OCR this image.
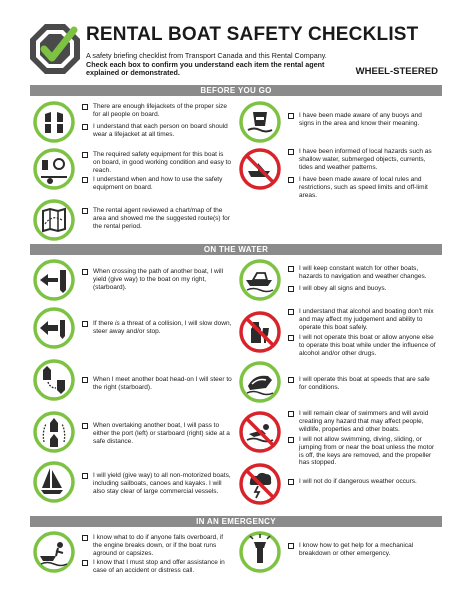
RENTAL BOAT SAFETY CHECKLIST
A safety briefing checklist from Transport Canada and this Rental Company. Check each box to confirm you understand each item the rental agent explained or demonstrated.	WHEEL-STEERED
BEFORE YOU GO
There are enough lifejackets of the proper size for all people on board.
I understand that each person on board should wear a lifejacket at all times.
The required safety equipment for this boat is on board, in good working condition and easy to reach.
I understand when and how to use the safety equipment on board.
The rental agent reviewed a chart/map of the area and showed me the suggested route(s) for the rental period.
I have been made aware of any buoys and signs in the area and know their meaning.
I have been informed of local hazards such as shallow water, submerged objects, currents, tides and weather patterns.
I have been made aware of local rules and restrictions, such as speed limits and off-limit areas.
ON THE WATER
When crossing the path of another boat, I will yield (give way) to the boat on my right, (starboard).
If there is a threat of a collision, I will slow down, steer away and/or stop.
When I meet another boat head-on I will steer to the right (starboard).
When overtaking another boat, I will pass to either the port (left) or starboard (right) side at a safe distance.
I will yield (give way) to all non-motorized boats, including sailboats, canoes and kayaks. I will also stay clear of large commercial vessels.
I will keep constant watch for other boats, hazards to navigation and weather changes.
I will obey all signs and buoys.
I understand that alcohol and boating don't mix and may affect my judgement and ability to operate this boat safely.
I will not operate this boat or allow anyone else to operate this boat while under the influence of alcohol and/or other drugs.
I will operate this boat at speeds that are safe for conditions.
I will remain clear of swimmers and will avoid creating any hazard that may affect people, wildlife, properties and other boats.
I will not allow swimming, diving, sliding, or jumping from or near the boat unless the motor is off, the keys are removed, and the propeller has stopped.
I will not do if dangerous weather occurs.
IN AN EMERGENCY
I know what to do if anyone falls overboard, if the engine breaks down, or if the boat runs aground or capsizes.
I know that I must stop and offer assistance in case of an accident or distress call.
I know how to get help for a mechanical breakdown or other emergency.
